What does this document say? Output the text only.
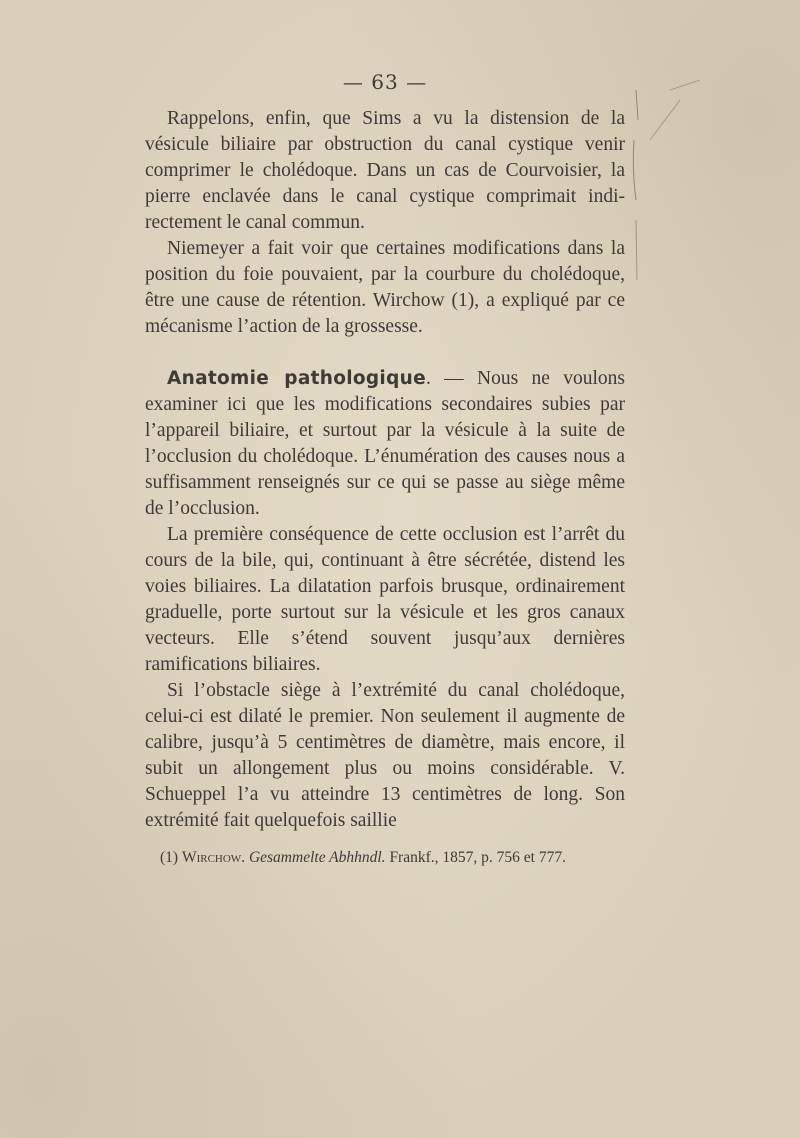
— 63 —

Rappelons, enfin, que Sims a vu la distension de la vésicule biliaire par obstruction du canal cystique venir comprimer le cholédoque. Dans un cas de Courvoisier, la pierre enclavée dans le canal cystique comprimait indirectement le canal commun.

Niemeyer a fait voir que certaines modifications dans la position du foie pouvaient, par la courbure du cholédoque, être une cause de rétention. Wirchow (1), a expliqué par ce mécanisme l’action de la grossesse.

Anatomie pathologique. — Nous ne voulons examiner ici que les modifications secondaires subies par l’appareil biliaire, et surtout par la vésicule à la suite de l’occlusion du cholédoque. L’énumération des causes nous a suffisamment renseignés sur ce qui se passe au siège même de l’occlusion.

La première conséquence de cette occlusion est l’arrêt du cours de la bile, qui, continuant à être sécrétée, distend les voies biliaires. La dilatation parfois brusque, ordinairement graduelle, porte surtout sur la vésicule et les gros canaux vecteurs. Elle s’étend souvent jusqu’aux dernières ramifications biliaires.

Si l’obstacle siège à l’extrémité du canal cholédoque, celui-ci est dilaté le premier. Non seulement il augmente de calibre, jusqu’à 5 centimètres de diamètre, mais encore, il subit un allongement plus ou moins considérable. V. Schueppel l’a vu atteindre 13 centimètres de long. Son extrémité fait quelquefois saillie

(1) Wirchow. Gesammelte Abhhndl. Frankf., 1857, p. 756 et 777.
